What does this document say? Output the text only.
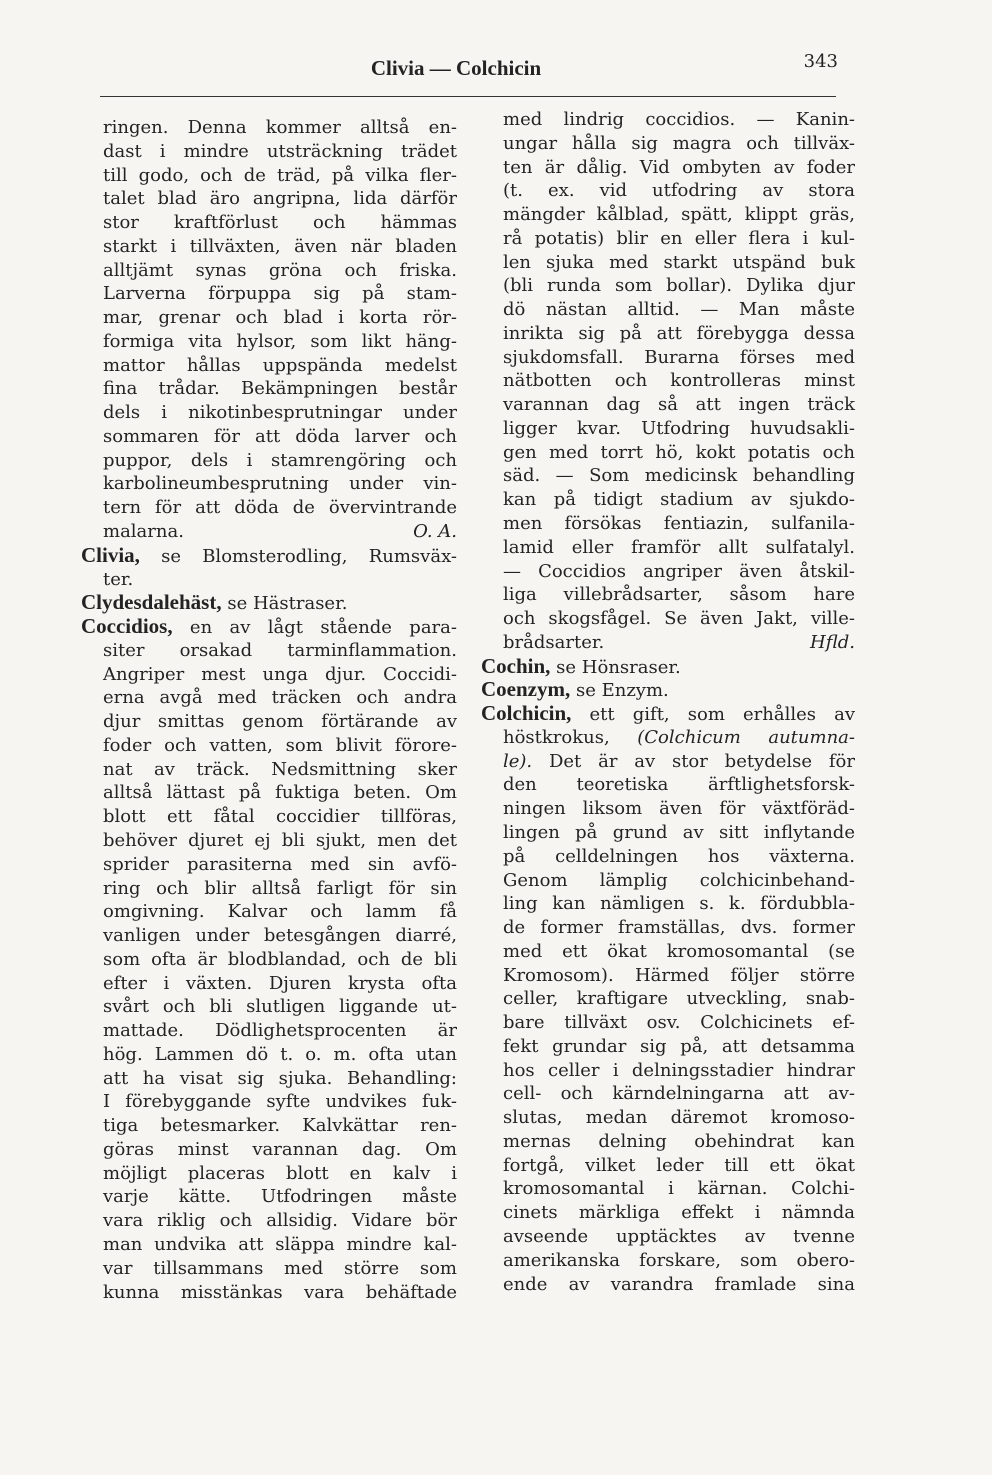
Clivia — Colchicin	343
ringen. Denna kommer alltså en-
dast i mindre utsträckning trädet
till godo, och de träd, på vilka fler-
talet blad äro angripna, lida därför
stor kraftförlust och hämmas
starkt i tillväxten, även när bladen
alltjämt synas gröna och friska.
Larverna förpuppa sig på stam-
mar, grenar och blad i korta rör-
formiga vita hylsor, som likt häng-
mattor hållas uppspända medelst
fina trådar. Bekämpningen består
dels i nikotinbesprutningar under
sommaren för att döda larver och
puppor, dels i stamrengöring och
karbolineumbesprutning under vin-
tern för att döda de övervintrande
malarna.	O. A.
Clivia, se Blomsterodling, Rumsväx-
ter.
Clydesdalehäst, se Hästraser.
Coccidios, en av lågt stående para-
siter orsakad tarminflammation.
Angriper mest unga djur. Coccidi-
erna avgå med träcken och andra
djur smittas genom förtärande av
foder och vatten, som blivit förore-
nat av träck. Nedsmittning sker
alltså lättast på fuktiga beten. Om
blott ett fåtal coccidier tillföras,
behöver djuret ej bli sjukt, men det
sprider parasiterna med sin avfö-
ring och blir alltså farligt för sin
omgivning. Kalvar och lamm få
vanligen under betesgången diarré,
som ofta är blodblandad, och de bli
efter i växten. Djuren krysta ofta
svårt och bli slutligen liggande ut-
mattade. Dödlighetsprocenten är
hög. Lammen dö t. o. m. ofta utan
att ha visat sig sjuka. Behandling:
I förebyggande syfte undvikes fuk-
tiga betesmarker. Kalvkättar ren-
göras minst varannan dag. Om
möjligt placeras blott en kalv i
varje kätte. Utfodringen måste
vara riklig och allsidig. Vidare bör
man undvika att släppa mindre kal-
var tillsammans med större som
kunna misstänkas vara behäftade
med lindrig coccidios. — Kanin-
ungar hålla sig magra och tillväx-
ten är dålig. Vid ombyten av foder
(t. ex. vid utfodring av stora
mängder kålblad, spätt, klippt gräs,
rå potatis) blir en eller flera i kul-
len sjuka med starkt utspänd buk
(bli runda som bollar). Dylika djur
dö nästan alltid. — Man måste
inrikta sig på att förebygga dessa
sjukdomsfall. Burarna förses med
nätbotten och kontrolleras minst
varannan dag så att ingen träck
ligger kvar. Utfodring huvudsakli-
gen med torrt hö, kokt potatis och
säd. — Som medicinsk behandling
kan på tidigt stadium av sjukdo-
men försökas fentiazin, sulfanila-
lamid eller framför allt sulfatalyl.
— Coccidios angriper även åtskil-
liga villebrådsarter, såsom hare
och skogsfågel. Se även Jakt, ville-
brådsarter.	Hfld.
Cochin, se Hönsraser.
Coenzym, se Enzym.
Colchicin, ett gift, som erhålles av
höstkrokus, (Colchicum autumna-
le). Det är av stor betydelse för
den teoretiska ärftlighetsforsk-
ningen liksom även för växtföräd-
lingen på grund av sitt inflytande
på celldelningen hos växterna.
Genom lämplig colchicinbehand-
ling kan nämligen s. k. fördubbla-
de former framställas, dvs. former
med ett ökat kromosomantal (se
Kromosom). Härmed följer större
celler, kraftigare utveckling, snab-
bare tillväxt osv. Colchicinets ef-
fekt grundar sig på, att detsamma
hos celler i delningsstadier hindrar
cell- och kärndelningarna att av-
slutas, medan däremot kromoso-
mernas delning obehindrat kan
fortgå, vilket leder till ett ökat
kromosomantal i kärnan. Colchi-
cinets märkliga effekt i nämnda
avseende upptäcktes av tvenne
amerikanska forskare, som obero-
ende av varandra framlade sina
